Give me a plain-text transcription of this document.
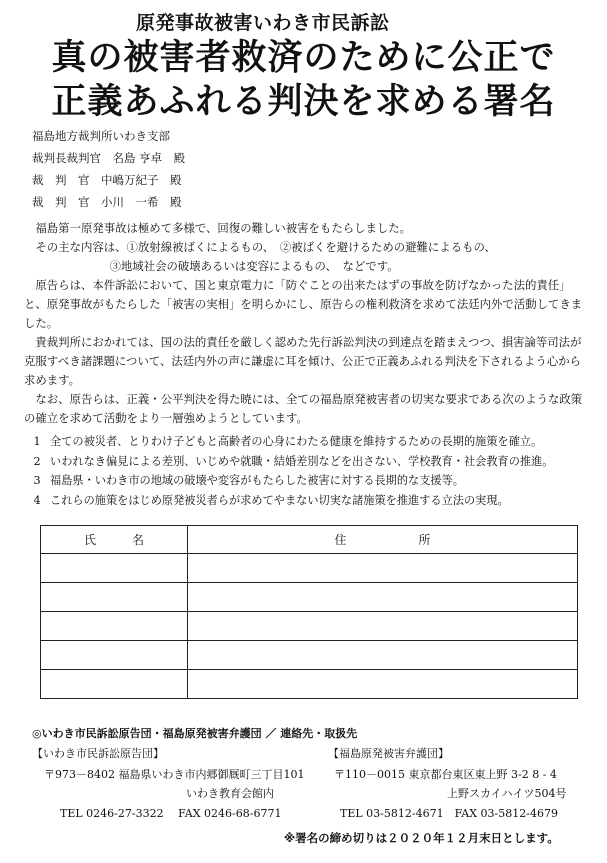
原発事故被害いわき市民訴訟
真の被害者救済のために公正で
正義あふれる判決を求める署名
福島地方裁判所いわき支部
裁判長裁判官　名島 亨卓　殿
裁　判　官　中嶋万紀子　殿
裁　判　官　小川　一希　殿

福島第一原発事故は極めて多様で、回復の難しい被害をもたらしました。

その主な内容は、①放射線被ばくによるもの、　②被ばくを避けるための避難によるもの、

③地域社会の破壊あるいは変容によるもの、　などです。

原告らは、本件訴訟において、国と東京電力に「防ぐことの出来たはずの事故を防げなかった法的責任」と、原発事故がもたらした「被害の実相」を明らかにし、原告らの権利救済を求めて法廷内外で活動してきました。

貴裁判所におかれては、国の法的責任を厳しく認めた先行訴訟判決の到達点を踏まえつつ、損害論等司法が克服すべき諸課題について、法廷内外の声に謙虚に耳を傾け、公正で正義あふれる判決を下されるよう心から求めます。

なお、原告らは、正義・公平判決を得た暁には、全ての福島原発被害者の切実な要求である次のような政策の確立を求めて活動をより一層強めようとしています。

1 全ての被災者、とりわけ子どもと高齢者の心身にわたる健康を維持するための長期的施策を確立。
2 いわれなき偏見による差別、いじめや就職・結婚差別などを出さない、学校教育・社会教育の推進。
3 福島県・いわき市の地域の破壊や変容がもたらした被害に対する長期的な支援等。
4 これらの施策をはじめ原発被災者らが求めてやまない切実な諸施策を推進する立法の実現。
氏　　　名	住　　　　　　所

◎いわき市民訴訟原告団・福島原発被害弁護団 ／ 連絡先・取扱先
【いわき市民訴訟原告団】
〒973－8402 福島県いわき市内郷御厩町三丁目101
いわき教育会館内
TEL 0246-27-3322　 FAX 0246-68-6771
【福島原発被害弁護団】
〒110－0015 東京都台東区東上野 3-2 8 - 4
上野スカイハイツ504号
TEL 03-5812-4671　FAX 03-5812-4679
※署名の締め切りは２０２０年１２月末日とします。
